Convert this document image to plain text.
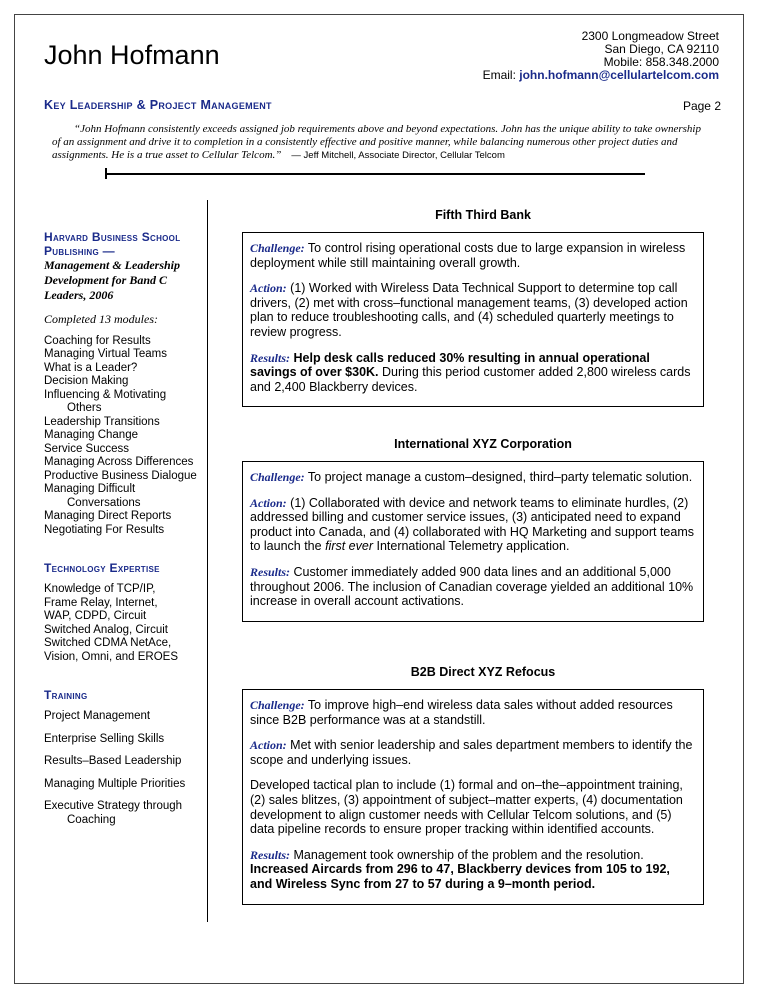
John Hofmann
2300 Longmeadow Street
San Diego, CA 92110
Mobile: 858.348.2000
Email: john.hofmann@cellulartelcom.com
Key Leadership & Project Management	Page 2
“John Hofmann consistently exceeds assigned job requirements above and beyond expectations. John has the unique ability to take ownership of an assignment and drive it to completion in a consistently effective and positive manner, while balancing numerous other project duties and assignments. He is a true asset to Cellular Telcom.” — Jeff Mitchell, Associate Director, Cellular Telcom
Harvard Business School Publishing —
Management & Leadership Development for Band C Leaders, 2006
Completed 13 modules:
Coaching for Results
Managing Virtual Teams
What is a Leader?
Decision Making
Influencing & Motivating Others
Leadership Transitions
Managing Change
Service Success
Managing Across Differences
Productive Business Dialogue
Managing Difficult Conversations
Managing Direct Reports
Negotiating For Results
Technology Expertise
Knowledge of TCP/IP, Frame Relay, Internet, WAP, CDPD, Circuit Switched Analog, Circuit Switched CDMA NetAce, Vision, Omni, and EROES
Training
Project Management
Enterprise Selling Skills
Results–Based Leadership
Managing Multiple Priorities
Executive Strategy through Coaching
Fifth Third Bank

Challenge: To control rising operational costs due to large expansion in wireless deployment while still maintaining overall growth.

Action: (1) Worked with Wireless Data Technical Support to determine top call drivers, (2) met with cross–functional management teams, (3) developed action plan to reduce troubleshooting calls, and (4) scheduled quarterly meetings to review progress.

Results: Help desk calls reduced 30% resulting in annual operational savings of over $30K. During this period customer added 2,800 wireless cards and 2,400 Blackberry devices.

International XYZ Corporation

Challenge: To project manage a custom–designed, third–party telematic solution.

Action: (1) Collaborated with device and network teams to eliminate hurdles, (2) addressed billing and customer service issues, (3) anticipated need to expand product into Canada, and (4) collaborated with HQ Marketing and support teams to launch the first ever International Telemetry application.

Results: Customer immediately added 900 data lines and an additional 5,000 throughout 2006. The inclusion of Canadian coverage yielded an additional 10% increase in overall account activations.

B2B Direct XYZ Refocus

Challenge: To improve high–end wireless data sales without added resources since B2B performance was at a standstill.

Action: Met with senior leadership and sales department members to identify the scope and underlying issues.

Developed tactical plan to include (1) formal and on–the–appointment training, (2) sales blitzes, (3) appointment of subject–matter experts, (4) documentation development to align customer needs with Cellular Telcom solutions, and (5) data pipeline records to ensure proper tracking within identified accounts.

Results: Management took ownership of the problem and the resolution. Increased Aircards from 296 to 47, Blackberry devices from 105 to 192, and Wireless Sync from 27 to 57 during a 9–month period.
